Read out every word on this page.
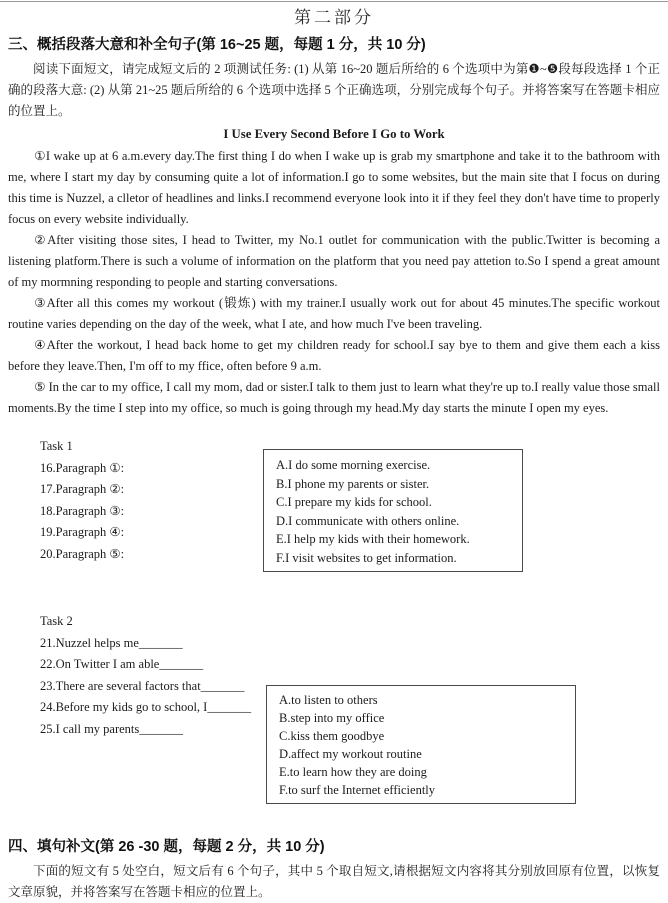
第二部分
三、概括段落大意和补全句子(第 16~25 题，每题 1 分，共 10 分)

阅读下面短文，请完成短文后的 2 项测试任务: (1) 从第 16~20 题后所给的 6 个选项中为第❶~❺段每段选择 1 个正确的段落大意: (2) 从第 21~25 题后所给的 6 个选项中选择 5 个正确选项，分别完成每个句子。并将答案写在答题卡相应的位置上。

I Use Every Second Before I Go to Work

①I wake up at 6 a.m.every day.The first thing I do when I wake up is grab my smartphone and take it to the bathroom with me, where I start my day by consuming quite a lot of information.I go to some websites, but the main site that I focus on during this time is Nuzzel, a clletor of headlines and links.I recommend everyone look into it if they feel they don't have time to properly focus on every website individually.

②After visiting those sites, I head to Twitter, my No.1 outlet for communication with the public.Twitter is becoming a listening platform.There is such a volume of information on the platform that you need pay attetion to.So I spend a great amount of my mormning responding to people and starting conversations.

③After all this comes my workout (锻炼) with my trainer.I usually work out for about 45 minutes.The specific workout routine varies depending on the day of the week, what I ate, and how much I've been traveling.

④After the workout, I head back home to get my children ready for school.I say bye to them and give them each a kiss before they leave.Then, I'm off to my ffice, often before 9 a.m.

⑤ In the car to my office, I call my mom, dad or sister.I talk to them just to learn what they're up to.I really value those small moments.By the time I step into my office, so much is going through my head.My day starts the minute I open my eyes.

Task 1
16.Paragraph ①:
17.Paragraph ②:
18.Paragraph ③:
19.Paragraph ④:
20.Paragraph ⑤:
A.I do some morning exercise.
B.I phone my parents or sister.
C.I prepare my kids for school.
D.I communicate with others online.
E.I help my kids with their homework.
F.I visit websites to get information.
Task 2
21.Nuzzel helps me_______
22.On Twitter I am able_______
23.There are several factors that_______
24.Before my kids go to school, I_______
25.I call my parents_______
A.to listen to others
B.step into my office
C.kiss them goodbye
D.affect my workout routine
E.to learn how they are doing
F.to surf the Internet efficiently
四、填句补文(第 26 -30 题，每题 2 分，共 10 分)

下面的短文有 5 处空白，短文后有 6 个句子，其中 5 个取自短文,请根据短文内容将其分别放回原有位置，以恢复文章原貌，并将答案写在答题卡相应的位置上。
